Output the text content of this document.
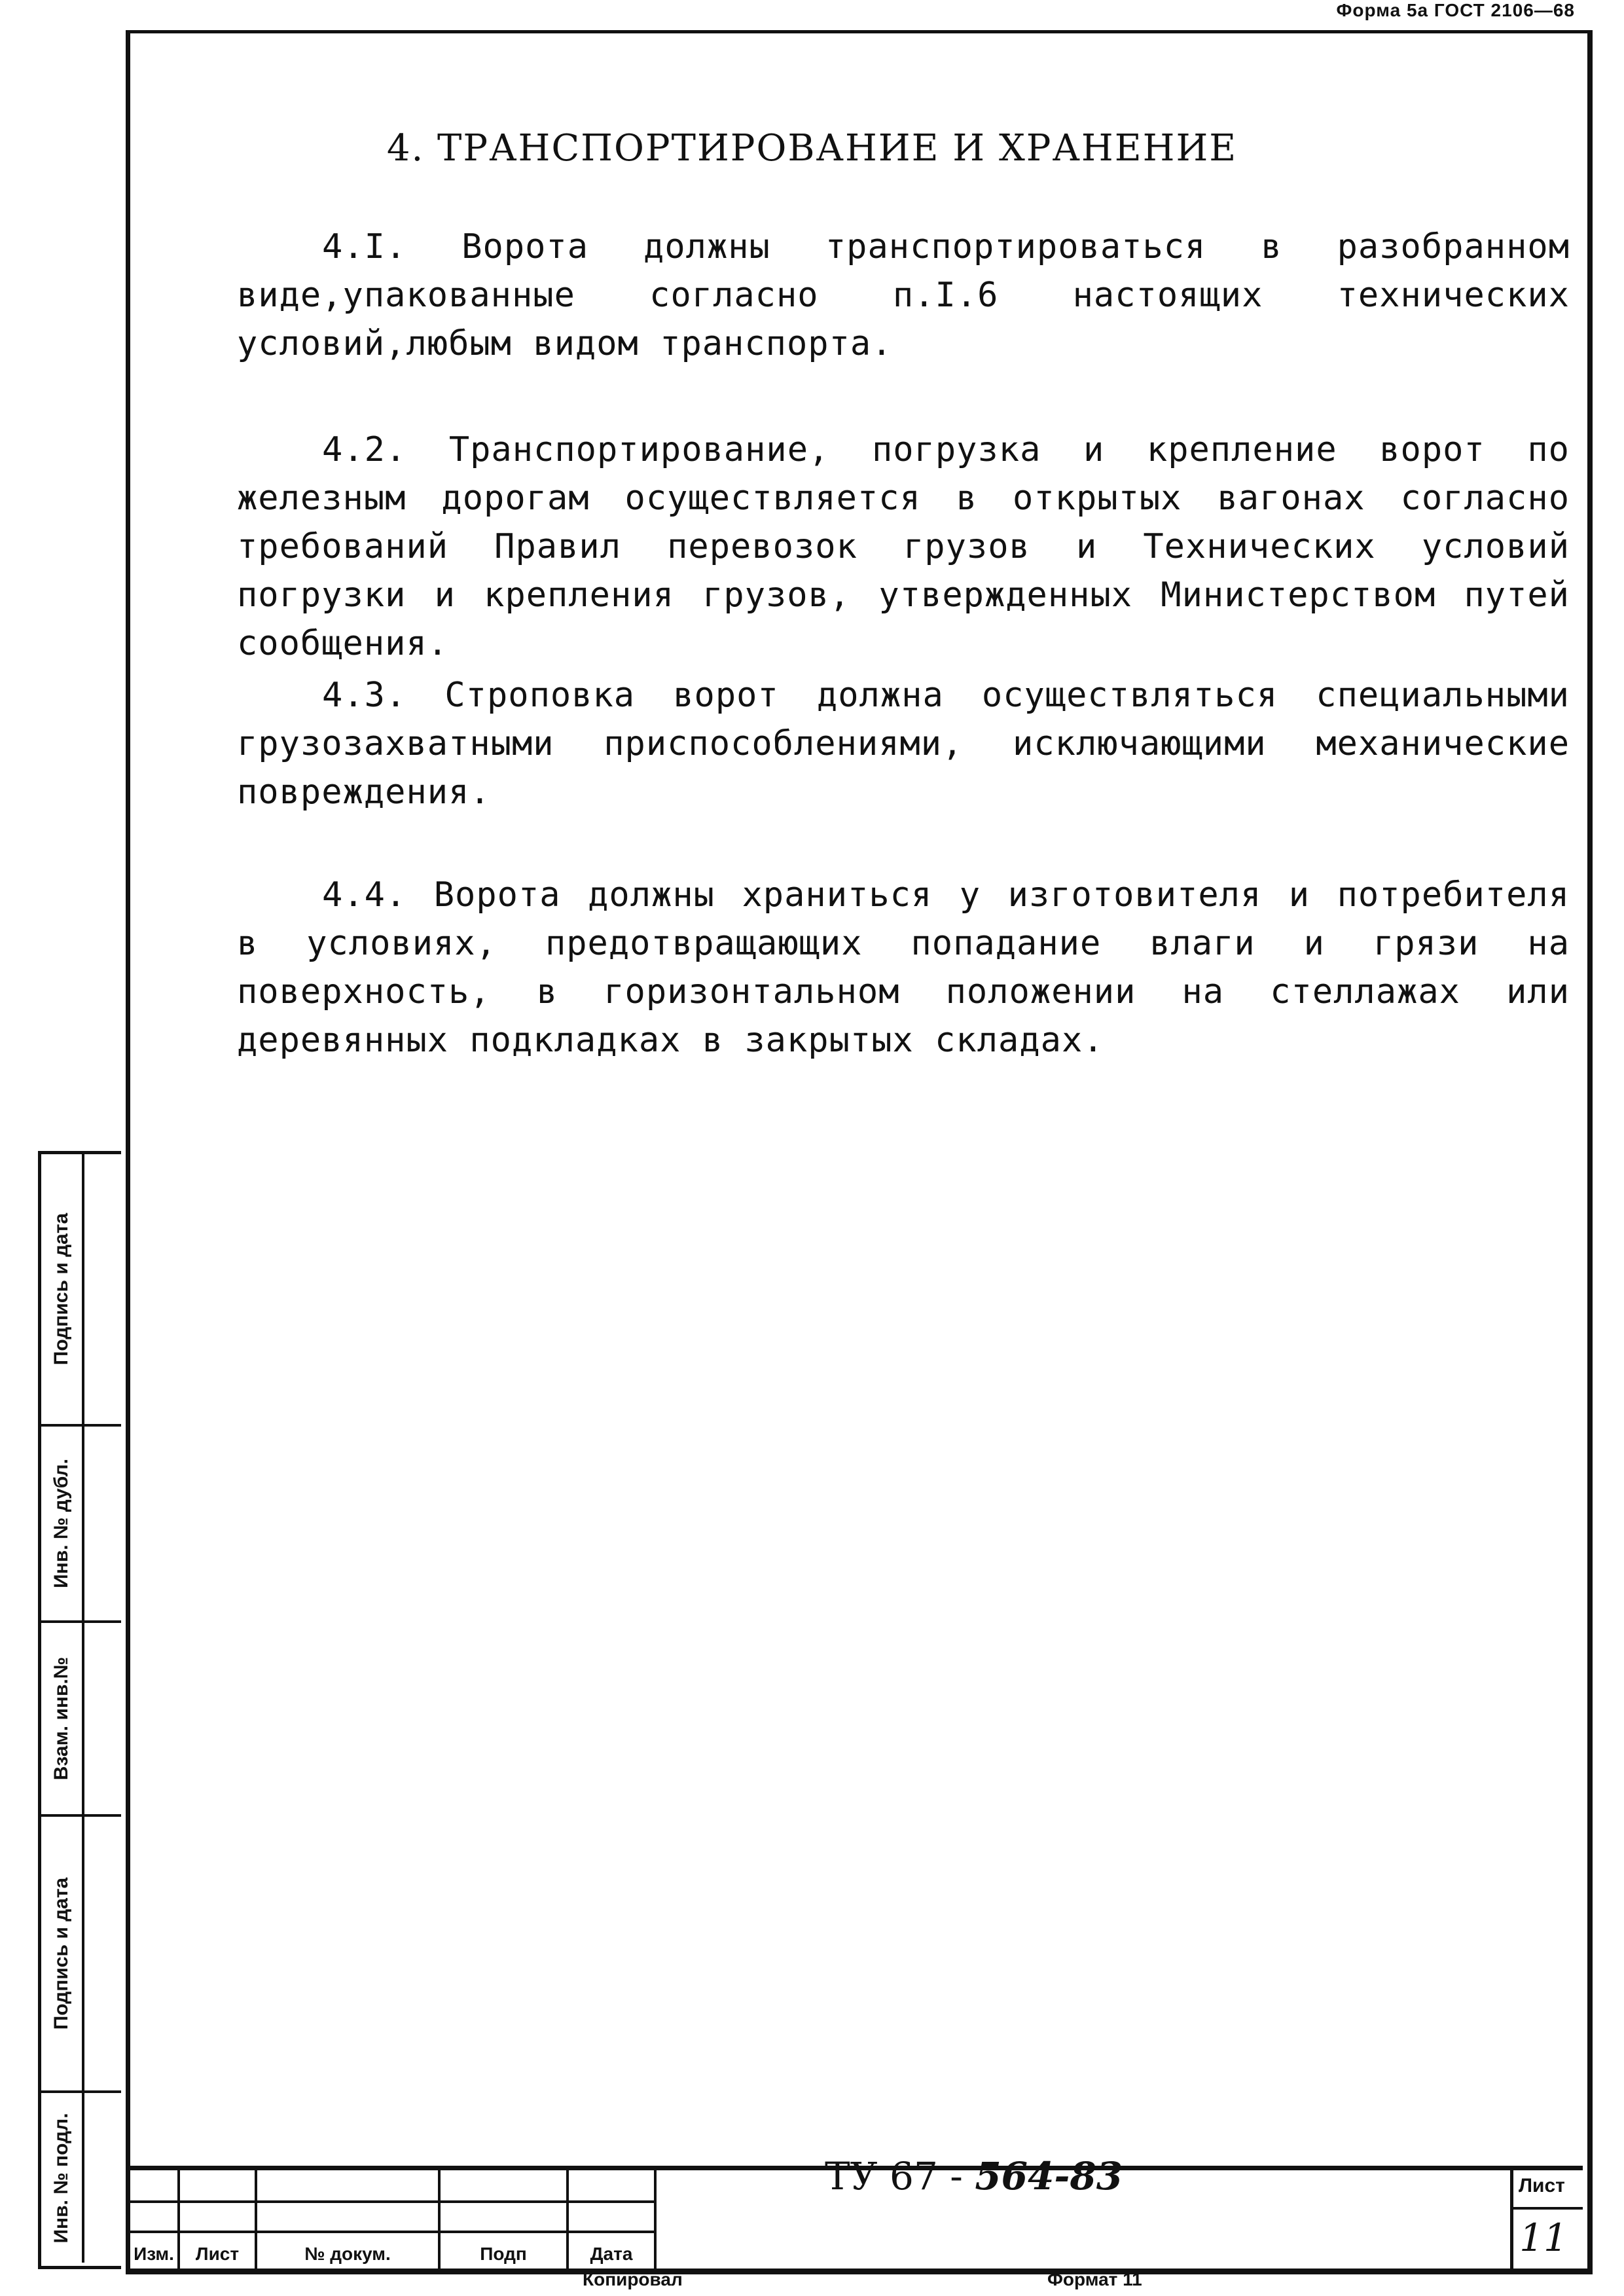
Форма 5а ГОСТ 2106—68
4. ТРАНСПОРТИРОВАНИЕ И ХРАНЕНИЕ

4.I. Ворота должны транспортироваться в разобранном виде,упакованные согласно п.I.6 настоящих технических условий,любым видом транспорта.

4.2. Транспортирование, погрузка и крепление ворот по железным дорогам осуществляется в открытых вагонах согласно требований Правил перевозок грузов и Технических условий погрузки и крепления грузов, утвержденных Министерством путей сообщения.

4.3. Строповка ворот должна осуществляться специальными грузозахватными приспособлениями, исключающими механические повреждения.

4.4. Ворота должны храниться у изготовителя и потребителя в условиях, предотвращающих попадание влаги и грязи на поверхность, в горизонтальном положении на стеллажах или деревянных подкладках в закрытых складах.

Подпись и дата
Инв. № дубл.
Взам. инв.№
Подпись и дата
Инв. № подл.
Изм.	Лист	№ докум.	Подп	Дата
ТУ 67 - 564-83	Лист
11
Копировал	Формат 11
